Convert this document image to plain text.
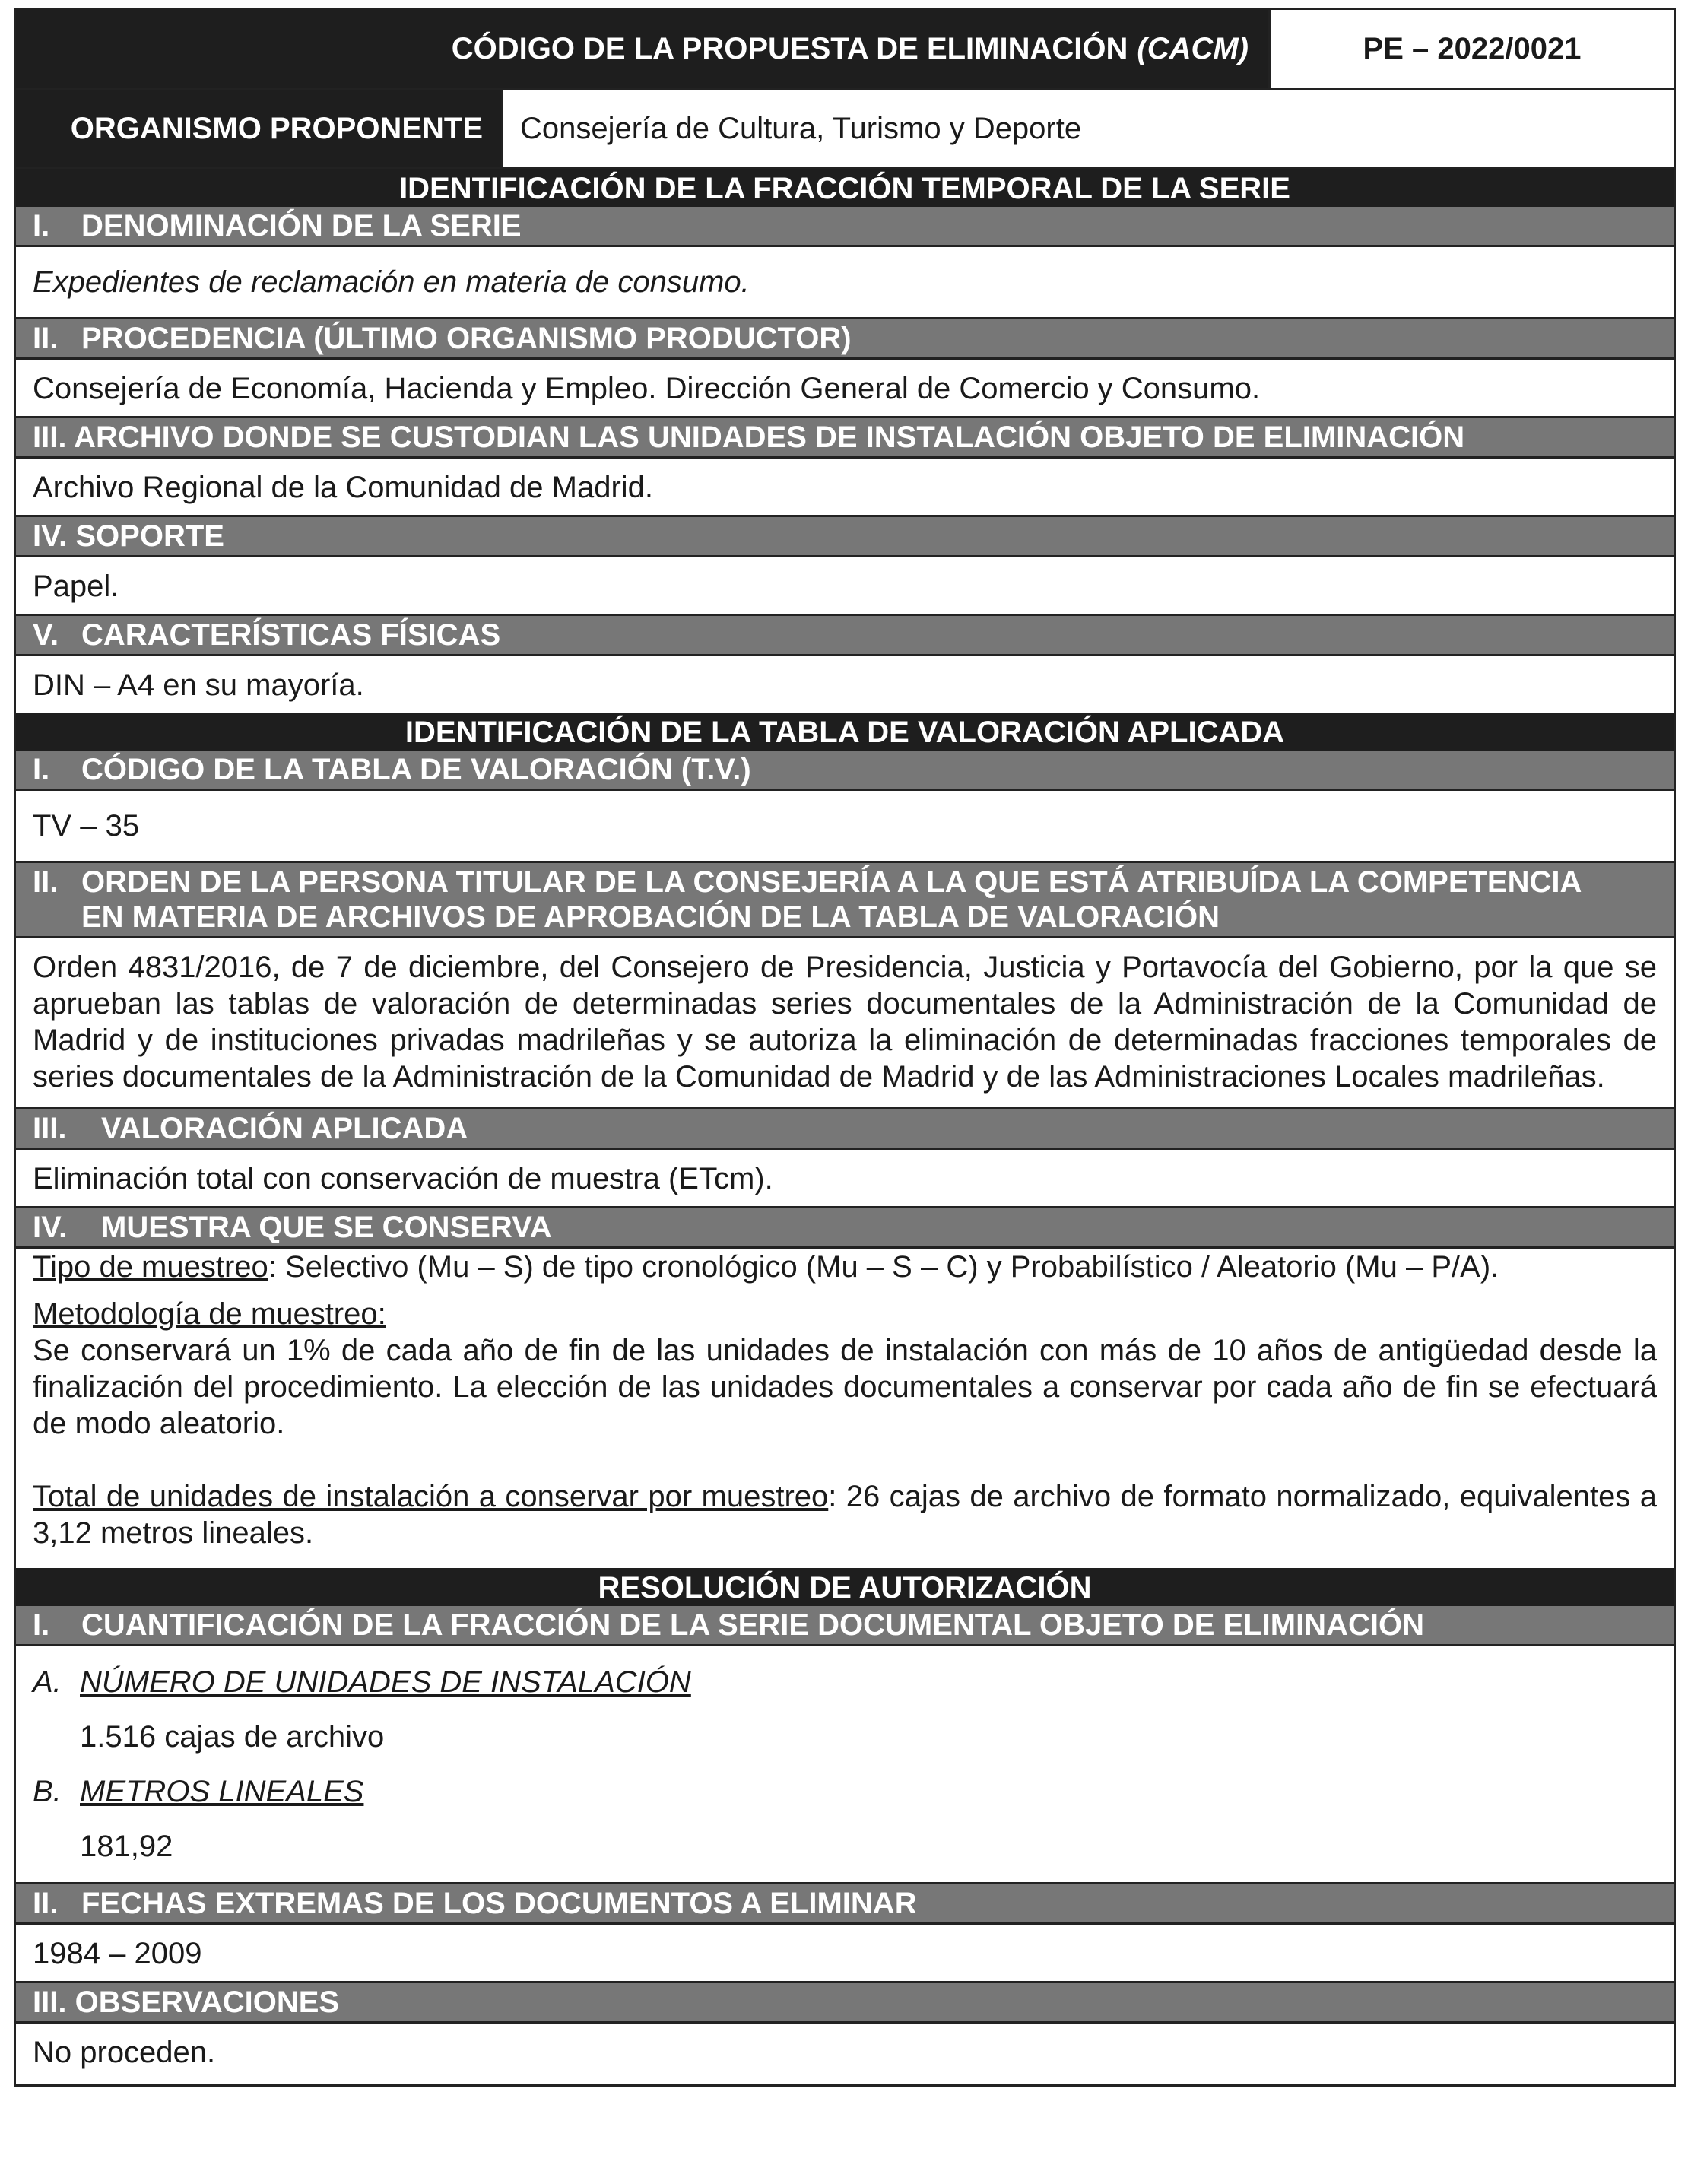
CÓDIGO DE LA PROPUESTA DE ELIMINACIÓN (CACM)	PE – 2022/0021
ORGANISMO PROPONENTE	Consejería de Cultura, Turismo y Deporte
IDENTIFICACIÓN DE LA FRACCIÓN TEMPORAL DE LA SERIE
I. DENOMINACIÓN DE LA SERIE
Expedientes de reclamación en materia de consumo.
II. PROCEDENCIA (ÚLTIMO ORGANISMO PRODUCTOR)
Consejería de Economía, Hacienda y Empleo. Dirección General de Comercio y Consumo.
III. ARCHIVO DONDE SE CUSTODIAN LAS UNIDADES DE INSTALACIÓN OBJETO DE ELIMINACIÓN
Archivo Regional de la Comunidad de Madrid.
IV. SOPORTE
Papel.
V. CARACTERÍSTICAS FÍSICAS
DIN – A4 en su mayoría.
IDENTIFICACIÓN DE LA TABLA DE VALORACIÓN APLICADA
I. CÓDIGO DE LA TABLA DE VALORACIÓN (T.V.)
TV – 35
II. ORDEN DE LA PERSONA TITULAR DE LA CONSEJERÍA A LA QUE ESTÁ ATRIBUÍDA LA COMPETENCIA
EN MATERIA DE ARCHIVOS DE APROBACIÓN DE LA TABLA DE VALORACIÓN
Orden 4831/2016, de 7 de diciembre, del Consejero de Presidencia, Justicia y Portavocía del Gobierno, por la que se aprueban las tablas de valoración de determinadas series documentales de la Administración de la Comunidad de Madrid y de instituciones privadas madrileñas y se autoriza la eliminación de determinadas fracciones temporales de series documentales de la Administración de la Comunidad de Madrid y de las Administraciones Locales madrileñas.
III. VALORACIÓN APLICADA
Eliminación total con conservación de muestra (ETcm).
IV. MUESTRA QUE SE CONSERVA
Tipo de muestreo: Selectivo (Mu – S) de tipo cronológico (Mu – S – C) y Probabilístico / Aleatorio (Mu – P/A).
Metodología de muestreo:
Se conservará un 1% de cada año de fin de las unidades de instalación con más de 10 años de antigüedad desde la finalización del procedimiento. La elección de las unidades documentales a conservar por cada año de fin se efectuará de modo aleatorio.
Total de unidades de instalación a conservar por muestreo: 26 cajas de archivo de formato normalizado, equivalentes a 3,12 metros lineales.
RESOLUCIÓN DE AUTORIZACIÓN
I. CUANTIFICACIÓN DE LA FRACCIÓN DE LA SERIE DOCUMENTAL OBJETO DE ELIMINACIÓN
A. NÚMERO DE UNIDADES DE INSTALACIÓN
1.516 cajas de archivo
B. METROS LINEALES
181,92
II. FECHAS EXTREMAS DE LOS DOCUMENTOS A ELIMINAR
1984 – 2009
III. OBSERVACIONES
No proceden.
